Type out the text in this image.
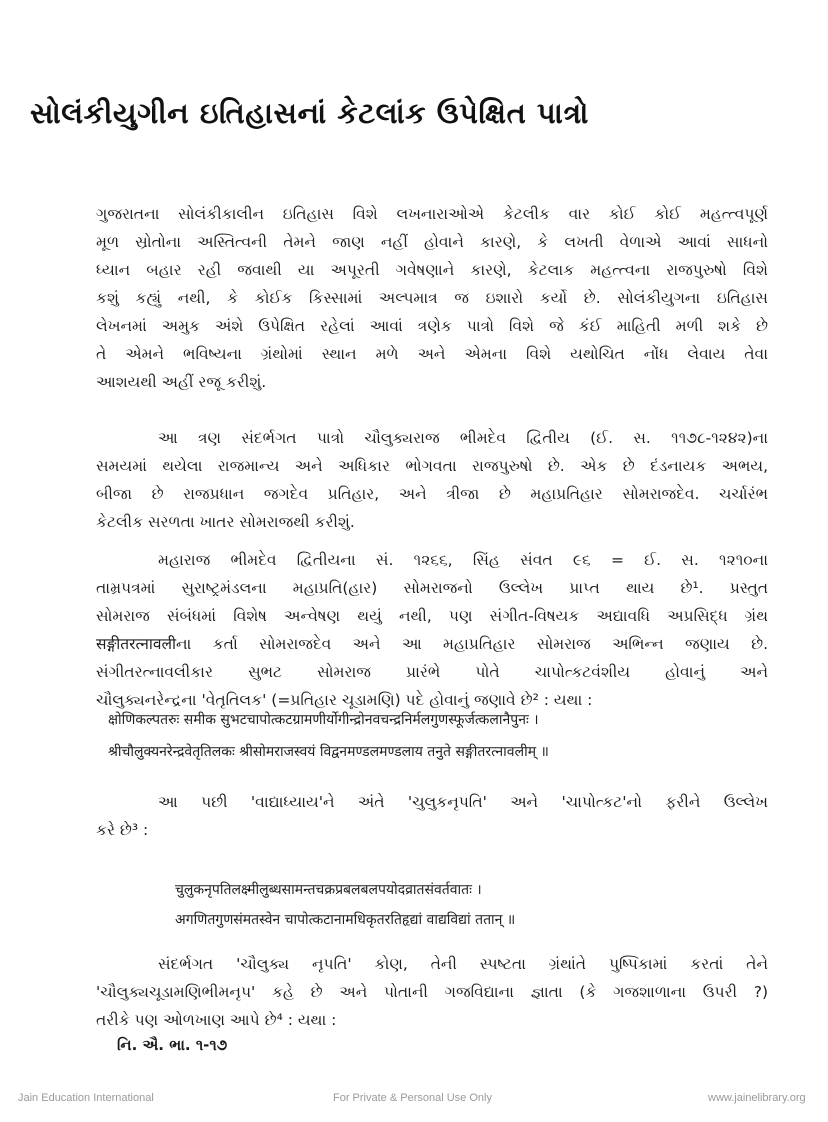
સોલંકીયુગીન ઇતિહાસનાં કેટલાંક ઉપેક્ષિત પાત્રો
ગુજરાતના સોલંકીકાલીન ઇતિહાસ વિશે લખનારાઓએ કેટલીક વાર કોઈ કોઈ મહત્ત્વપૂર્ણ
મૂળ સ્રોતોના અસ્તિત્વની તેમને જાણ નહીં હોવાને કારણે, કે લખતી વેળાએ આવાં સાધનો
ધ્યાન બહાર રહી જવાથી યા અપૂરતી ગવેષણાને કારણે, કેટલાક મહત્ત્વના રાજપુરુષો વિશે
કશું કહ્યું નથી, કે કોઈક કિસ્સામાં અલ્પમાત્ર જ ઇશારો કર્યો છે. સોલંકીયુગના ઇતિહાસ
લેખનમાં અમુક અંશે ઉપેક્ષિત રહેલાં આવાં ત્રણેક પાત્રો વિશે જે કંઈ માહિતી મળી શકે છે
તે એમને ભવિષ્યના ગ્રંથોમાં સ્થાન મળે અને એમના વિશે યથોચિત નોંધ લેવાય તેવા
આશયથી અહીં રજૂ કરીશું.
આ ત્રણ સંદર્ભગત પાત્રો ચૌલુક્યરાજ ભીમદેવ દ્વિતીય (ઈ. સ. ૧૧૭૮-૧૨૪૨)ના
સમયમાં થયેલા રાજમાન્ય અને અધિકાર ભોગવતા રાજપુરુષો છે. એક છે દંડનાયક અભય,
બીજા છે રાજપ્રધાન જગદેવ પ્રતિહાર, અને ત્રીજા છે મહાપ્રતિહાર સોમરાજદેવ. ચર્ચારંભ
કેટલીક સરળતા ખાતર સોમરાજથી કરીશું.
મહારાજ ભીમદેવ દ્વિતીયના સં. ૧૨૬૬, સિંહ સંવત ૯૬ = ઈ. સ. ૧૨૧૦ના
તામ્રપત્રમાં સુરાષ્ટ્રમંડલના મહાપ્રતિ(હાર) સોમરાજનો ઉલ્લેખ પ્રાપ્ત થાય છે¹. પ્રસ્તુત
સોમરાજ સંબંધમાં વિશેષ અન્વેષણ થયું નથી, પણ સંગીત-વિષયક અદ્યાવધિ અપ્રસિદ્ધ ગ્રંથ
सङ्गीतरत्नावलीના કર્તા સોમરાજદેવ અને આ મહાપ્રતિહાર સોમરાજ અભિન્ન જણાય છે.
સંગીતરત્નાવલીકાર સુભટ સોમરાજ પ્રારંભે પોતે ચાપોત્કટવંશીય હોવાનું અને
ચૌલુક્યનરેન્દ્રના 'વેતૃતિલક' (=પ્રતિહાર ચૂડામણિ) પદે હોવાનું જણાવે છે² : યથા :
क्षोणिकल्पतरुः समीक सुभटचापोत्कटग्रामणीर्योगीन्द्रोनवचन्द्रनिर्मलगुणस्फूर्जत्कलानैपुनः ।
श्रीचौलुक्यनरेन्द्रवेतृतिलकः श्रीसोमराजस्वयं विद्वनमण्डलमण्डलाय तनुते सङ्गीतरत्नावलीम् ॥
આ પછી 'વાદ્યાધ્યાય'ને અંતે 'ચુલુકનૃપતિ' અને 'ચાપોત્કટ'નો ફરીને ઉલ્લેખ
કરે છે³ :
चुलुकनृपतिलक्ष्मीलुब्धसामन्तचक्रप्रबलबलपयोदव्रातसंवर्तवातः ।
अगणितगुणसंमतस्वेन चापोत्कटानामधिकृतरतिहृद्यां वाद्यविद्यां ततान् ॥
સંદર્ભગત 'ચૌલુક્ય નૃપતિ' કોણ, તેની સ્પષ્ટતા ગ્રંથાંતે પુષ્પિકામાં કરતાં તેને
'ચૌલુક્યચૂડામણિભીમનૃપ' કહે છે અને પોતાની ગજવિદ્યાના જ્ઞાતા (કે ગજશાળાના ઉપરી ?)
તરીકે પણ ઓળખાણ આપે છે⁴ : યથા :
નિ. ઐ. ભા. ૧-૧૭
Jain Education International	For Private & Personal Use Only	www.jainelibrary.org
